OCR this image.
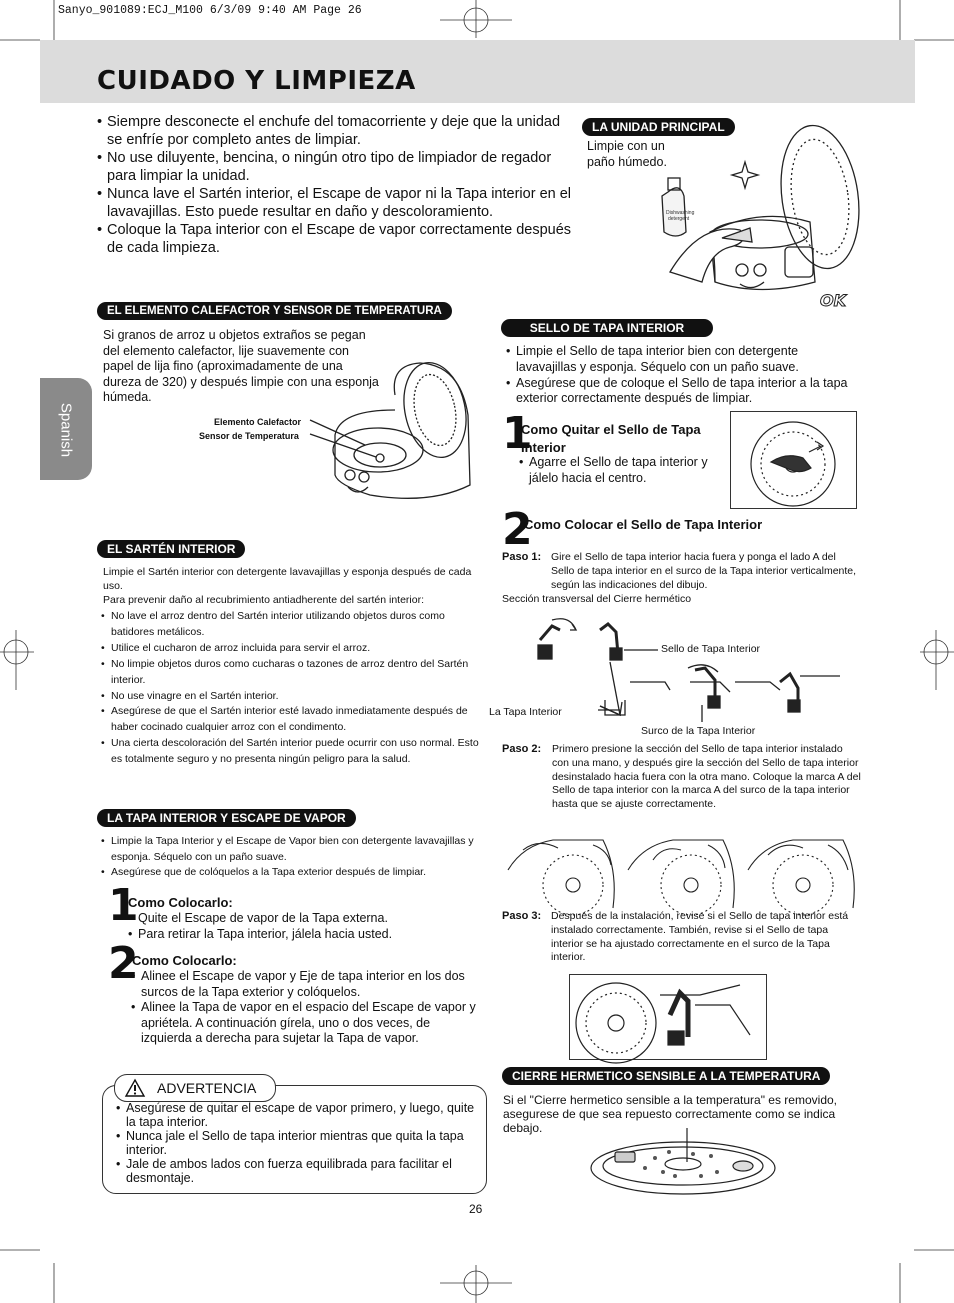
Sanyo_901089:ECJ_M100 6/3/09 9:40 AM Page 26
CUIDADO Y LIMPIEZA
Spanish
• Siempre desconecte el enchufe del tomacorriente y deje que la unidad se enfríe por completo antes de limpiar.
• No use diluyente, bencina, o ningún otro tipo de limpiador de regador para limpiar la unidad.
• Nunca lave el Sartén interior, el Escape de vapor ni la Tapa interior en el lavavajillas. Esto puede resultar en daño y descoloramiento.
• Coloque la Tapa interior con el Escape de vapor correctamente después de cada limpieza.
LA UNIDAD PRINCIPAL
Limpie con un paño húmedo.
Dishwashing
detergent
OK
EL ELEMENTO CALEFACTOR Y SENSOR DE TEMPERATURA
Si granos de arroz u objetos extraños se pegan del elemento calefactor, lije suavemente con papel de lija fino (aproximadamente de una dureza de 320) y después limpie con una esponja húmeda.
Elemento Calefactor
Sensor de Temperatura
EL SARTÉN INTERIOR
Limpie el Sartén interior con detergente lavavajillas y esponja después de cada uso.
Para prevenir daño al recubrimiento antiadherente del sartén interior:
• No lave el arroz dentro del Sartén interior utilizando objetos duros como batidores metálicos.
• Utilice el cucharon de arroz incluida para servir el arroz.
• No limpie objetos duros como cucharas o tazones de arroz dentro del Sartén interior.
• No use vinagre en el Sartén interior.
• Asegúrese de que el Sartén interior esté lavado inmediatamente después de haber cocinado cualquier arroz con el condimento.
• Una cierta descoloración del Sartén interior puede ocurrir con uso normal. Esto es totalmente seguro y no presenta ningún peligro para la salud.
LA TAPA INTERIOR Y ESCAPE DE VAPOR
• Limpie la Tapa Interior y el Escape de Vapor bien con detergente lavavajillas y esponja. Séquelo con un paño suave.
• Asegúrese que de colóquelos a la Tapa exterior después de limpiar.
1
Como Colocarlo:
• Quite el Escape de vapor de la Tapa externa.
• Para retirar la Tapa interior, jálela hacia usted.
2
Como Colocarlo:
• Alinee el Escape de vapor y Eje de tapa interior en los dos surcos de la Tapa exterior y colóquelos.
• Alinee la Tapa de vapor en el espacio del Escape de vapor y apriétela. A continuación gírela, uno o dos veces, de izquierda a derecha para sujetar la Tapa de vapor.
ADVERTENCIA
• Asegúrese de quitar el escape de vapor primero, y luego, quite la tapa interior.
• Nunca jale el Sello de tapa interior mientras que quita la tapa interior.
• Jale de ambos lados con fuerza equilibrada para facilitar el desmontaje.
SELLO DE TAPA INTERIOR
• Limpie el Sello de tapa interior bien con detergente lavavajillas y esponja. Séquelo con un paño suave.
• Asegúrese que de coloque el Sello de tapa interior a la tapa exterior correctamente después de limpiar.
1
Como Quitar el Sello de Tapa Interior
• Agarre el Sello de tapa interior y jálelo hacia el centro.
2
Como Colocar el Sello de Tapa Interior
Paso 1: Gire el Sello de tapa interior hacia fuera y ponga el lado A del Sello de tapa interior en el surco de la Tapa interior verticalmente, según las indicaciones del dibujo.
Sección transversal del Cierre hermético
Sello de Tapa Interior
La Tapa Interior
Surco de la Tapa Interior
Paso 2: Primero presione la sección del Sello de tapa interior instalado con una mano, y después gire la sección del Sello de tapa interior desinstalado hacia fuera con la otra mano. Coloque la marca A del Sello de tapa interior con la marca A del surco de la tapa interior hasta que se ajuste correctamente.
Paso 3: Después de la instalación, revise si el Sello de tapa interior está instalado correctamente. También, revise si el Sello de tapa interior se ha ajustado correctamente en el surco de la Tapa interior.
CIERRE HERMETICO SENSIBLE A LA TEMPERATURA
Si el "Cierre hermetico sensible a la temperatura" es removido, asegurese de que sea repuesto correctamente como se indica debajo.
26
